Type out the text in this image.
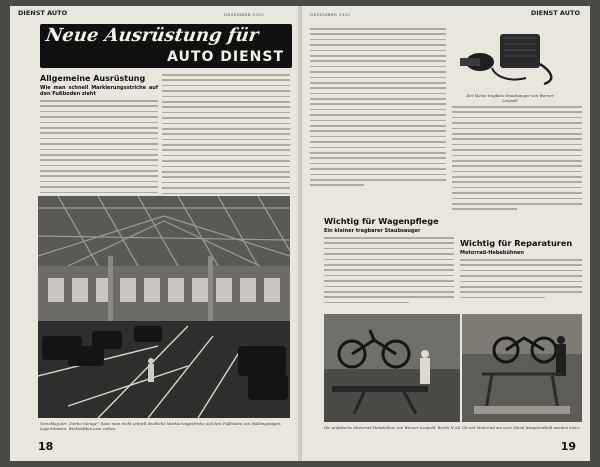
DIENST AUTO	DEZEMBER 1933
Neue Ausrüstung für
AUTO DIENST
Allgemeine Ausrüstung
Wie man schnell Markierungsstriche auf den Fußboden zieht
Vorschlag der „Gerbo-Garage": kann man recht schnell deutliche Markierungsstriche auf dem Fußboden von Hallengaragen, Lagerräumen, Werkstätten usw. ziehen.
18
DEZEMBER 1933	DIENST AUTO
Der kleine tragbare Staubsauger von Werner Leopold
Wichtig für Wagenpflege
Ein kleiner tragbarer Staubsauger
Wichtig für Reparaturen
Motorrad-Hebebühnen
Die praktische Motorrad-Hebebühne von Werner Leopold, Berlin N 54. Ob mit Motorrad am vorn Ständ festgebriebelt werden kann.
19
